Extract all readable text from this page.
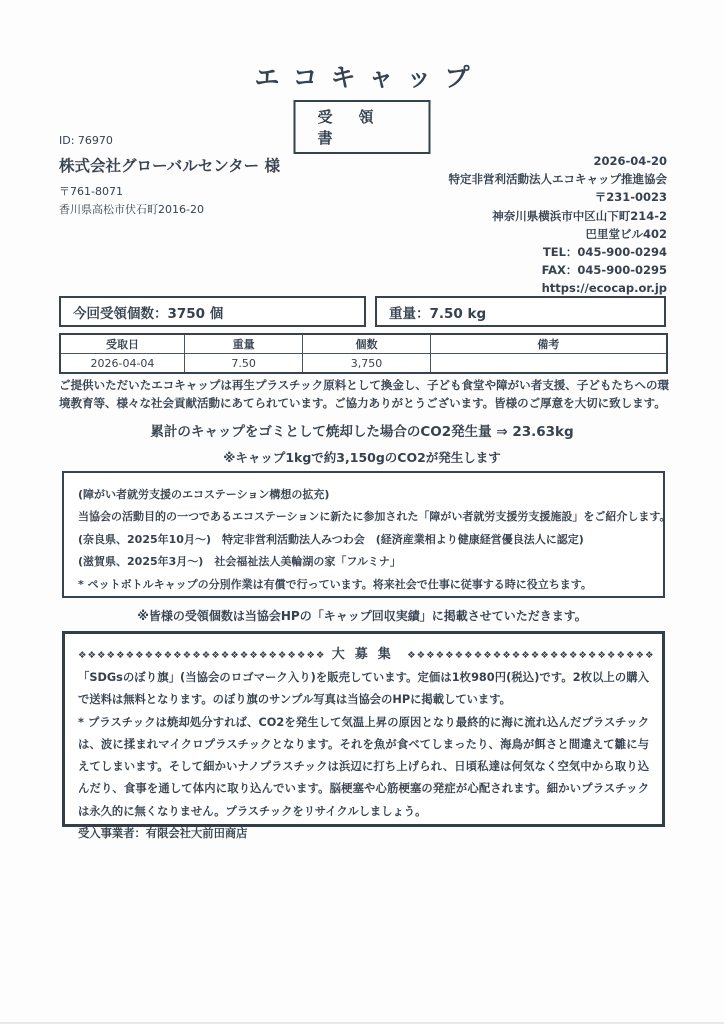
エコキャップ
受領書
ID: 76970
株式会社グローバルセンター 様
〒761-8071
香川県高松市伏石町2016-20
2026-04-20
特定非営利活動法人エコキャップ推進協会
〒231-0023
神奈川県横浜市中区山下町214-2
巴里堂ビル402
TEL：045-900-0294
FAX：045-900-0295
https://ecocap.or.jp
今回受領個数：3750 個	重量：7.50 kg
受取日	重量	個数	備考
2026-04-04	7.50	3,750	
ご提供いただいたエコキャップは再生プラスチック原料として換金し、子ども食堂や障がい者支援、子どもたちへの環境教育等、様々な社会貢献活動にあてられています。ご協力ありがとうございます。皆様のご厚意を大切に致します。
累計のキャップをゴミとして焼却した場合のCO2発生量 ⇒ 23.63kg
※キャップ1kgで約3,150gのCO2が発生します
(障がい者就労支援のエコステーション構想の拡充)
当協会の活動目的の一つであるエコステーションに新たに参加された「障がい者就労支援労支援施設」をご紹介します。
(奈良県、2025年10月～)　特定非営利活動法人みつわ会　(経済産業相より健康経営優良法人に認定)
(滋賀県、2025年3月～)　社会福祉法人美輪湖の家「フルミナ」
* ペットボトルキャップの分別作業は有償で行っています。将来社会で仕事に従事する時に役立ちます。
※皆様の受領個数は当協会HPの「キャップ回収実績」に掲載させていただきます。
❖❖❖❖❖❖❖❖❖❖❖❖❖❖❖❖❖❖❖❖❖❖❖❖❖❖ 大募集 ❖❖❖❖❖❖❖❖❖❖❖❖❖❖❖❖❖❖❖❖❖❖❖❖❖❖

「SDGsのぼり旗」(当協会のロゴマーク入り)を販売しています。定価は1枚980円(税込)です。2枚以上の購入で送料は無料となります。のぼり旗のサンプル写真は当協会のHPに掲載しています。

* プラスチックは焼却処分すれば、CO2を発生して気温上昇の原因となり最終的に海に流れ込んだプラスチックは、波に揉まれマイクロプラスチックとなります。それを魚が食べてしまったり、海鳥が餌さと間違えて雛に与えてしまいます。そして細かいナノプラスチックは浜辺に打ち上げられ、日頃私達は何気なく空気中から取り込んだり、食事を通して体内に取り込んでいます。脳梗塞や心筋梗塞の発症が心配されます。細かいプラスチックは永久的に無くなりません。プラスチックをリサイクルしましょう。

受入事業者：有限会社大前田商店
